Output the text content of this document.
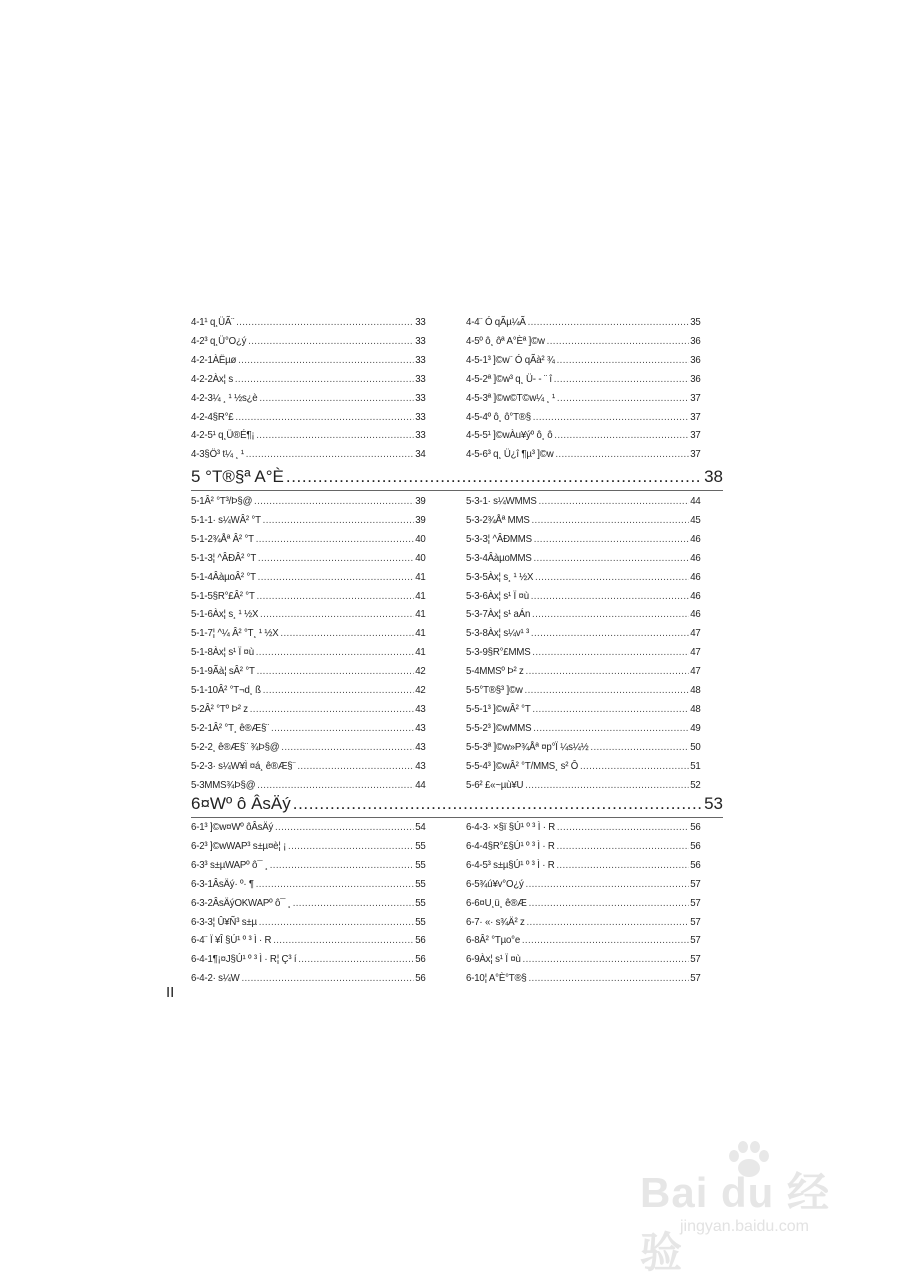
4-1¹ q¸ÜÃ¨ .....	33
4-2³ q¸Ü°O¿ý .....	33
4-2-1ÀËµø .....	33
4-2-2Àx¦ s .....	33
4-2-3¼ ¸ ¹ ½s¿è .....	33
4-2-4§R°£ .....	33
4-2-5¹ q¸Ü®É¶¡ .....	33
4-3§Ö³ t¼ ¸ ¹ .....	34
4-4¨ Ó qÃµ¼Ã .....	35
4-5º ô¸ ôª A°Èª ]©w .....	36
4-5-1³ ]©w¨ Ó qÃà² ¾ .....	36
4-5-2ª ]©w³ q¸ Ü- - ¨ î .....	36
4-5-3ª ]©w©T©w¼ ¸ ¹ .....	37
4-5-4º ô¸ ô°T®§ .....	37
4-5-5¹ ]©wÀu¥ýº ô¸ ô .....	37
4-5-6³ q¸ Ü¿î ¶µ³ ]©w .....	37
5 °T®§ª A°È .....	38
5-1Â² °T³/Þ§@ .....	39
5-1-1· s¼WÂ² °T .....	39
5-1-2¾Åª Â² °T .....	40
5-1-3¦ ^ÂÐÂ² °T .....	40
5-1-4ÂàµoÂ² °T .....	41
5-1-5§R°£Â² °T .....	41
5-1-6Àx¦ s¸ ¹ ½X .....	41
5-1-7¦ ^¼ Â² °T¸ ¹ ½X .....	41
5-1-8Àx¦ s¹ Ï ¤ù .....	41
5-1-9Ãà¦ sÂ² °T .....	42
5-1-10Â² °T¬d¸ ß .....	42
5-2Â² °Tº Þ² z .....	43
5-2-1Â² °T¸ ê®Æ§¨ .....	43
5-2-2¸ ê®Æ§¨ ¾Þ§@ .....	43
5-2-3· s¼W¥Ì ¤á¸ ê®Æ§¨ .....	43
5-3MMS¾Þ§@ .....	44
5-3-1· s¼WMMS .....	44
5-3-2¾Åª MMS .....	45
5-3-3¦ ^ÂÐMMS .....	46
5-3-4ÂàµoMMS .....	46
5-3-5Àx¦ s¸ ¹ ½X .....	46
5-3-6Àx¦ s¹ Ï ¤ù .....	46
5-3-7Àx¦ s¹ aÁn .....	46
5-3-8Àx¦ s¼v¹ ³ .....	47
5-3-9§R°£MMS .....	47
5-4MMSº Þ² z .....	47
5-5°T®§³ ]©w .....	48
5-5-1³ ]©wÂ² °T .....	48
5-5-2³ ]©wMMS .....	49
5-5-3ª ]©w»P¾Åª ¤p°Ï ¼s¼½ .....	50
5-5-4³ ]©wÂ² °T/MMS¸ s² Ô .....	51
5-6² £«~µù¥U .....	52
6¤Wº ô ÂsÄý .....	53
6-1³ ]©w¤Wº ôÂsÄý .....	54
6-2³ ]©wWAP³ s±µ¤è¦ ¡ .....	55
6-3³ s±µWAPº ô¯ ¸ .....	55
6-3-1ÂsÄý· º· ¶ .....	55
6-3-2ÂsÄýOKWAPº ô¯ ¸ .....	55
6-3-3¦ Û¥Ñ³ s±µ .....	55
6-4¨ Ï ¥Î §Ú¹ º ³ Ì · R .....	56
6-4-1¶¡¤J§Ú¹ º ³ Ì · R¦ Ç³ í .....	56
6-4-2· s¼W .....	56
6-4-3· ×§ï §Ú¹ º ³ Ì · R .....	56
6-4-4§R°£§Ú¹ º ³ Ì · R .....	56
6-4-5³ s±µ§Ú¹ º ³ Ì · R .....	56
6-5¾ú¥v°O¿ý .....	57
6-6¤U¸ü¸ ê®Æ .....	57
6-7· «· s¾Ä² z .....	57
6-8Â² °Tµo°e .....	57
6-9Àx¦ s¹ Ï ¤ù .....	57
6-10¦ A°È°T®§ .....	57
II
Bai du 经验
jingyan.baidu.com
